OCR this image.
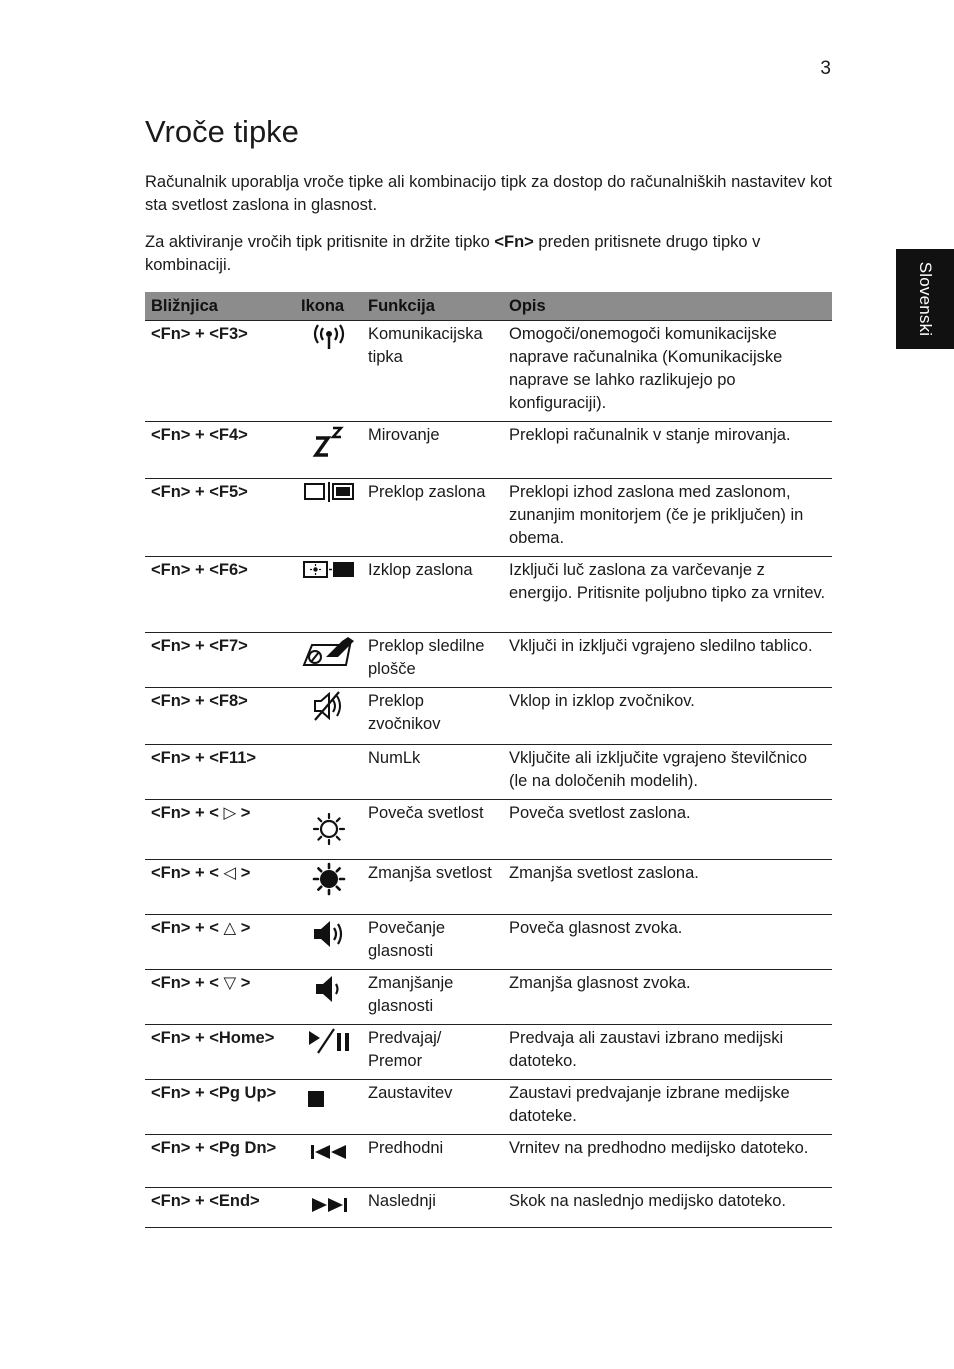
3
Slovenski
Vroče tipke

Računalnik uporablja vroče tipke ali kombinacijo tipk za dostop do računalniških nastavitev kot sta svetlost zaslona in glasnost.

Za aktiviranje vročih tipk pritisnite in držite tipko <Fn> preden pritisnete drugo tipko v kombinaciji.

Bližnjica	Ikona	Funkcija	Opis
<Fn> + <F3>		Komunikacijska tipka	Omogoči/onemogoči komunikacijske naprave računalnika (Komunikacijske naprave se lahko razlikujejo po konfiguraciji).
<Fn> + <F4>		Mirovanje	Preklopi računalnik v stanje mirovanja.
<Fn> + <F5>		Preklop zaslona	Preklopi izhod zaslona med zaslonom, zunanjim monitorjem (če je priključen) in obema.
<Fn> + <F6>		Izklop zaslona	Izključi luč zaslona za varčevanje z energijo. Pritisnite poljubno tipko za vrnitev.
<Fn> + <F7>		Preklop sledilne plošče	Vključi in izključi vgrajeno sledilno tablico.
<Fn> + <F8>		Preklop zvočnikov	Vklop in izklop zvočnikov.
<Fn> + <F11>		NumLk	Vključite ali izključite vgrajeno številčnico (le na določenih modelih).
<Fn> + < ▷ >		Poveča svetlost	Poveča svetlost zaslona.
<Fn> + < ◁ >		Zmanjša svetlost	Zmanjša svetlost zaslona.
<Fn> + < △ >		Povečanje glasnosti	Poveča glasnost zvoka.
<Fn> + < ▽ >		Zmanjšanje glasnosti	Zmanjša glasnost zvoka.
<Fn> + <Home>		Predvajaj/ Premor	Predvaja ali zaustavi izbrano medijski datoteko.
<Fn> + <Pg Up>		Zaustavitev	Zaustavi predvajanje izbrane medijske datoteke.
<Fn> + <Pg Dn>		Predhodni	Vrnitev na predhodno medijsko datoteko.
<Fn> + <End>		Naslednji	Skok na naslednjo medijsko datoteko.
